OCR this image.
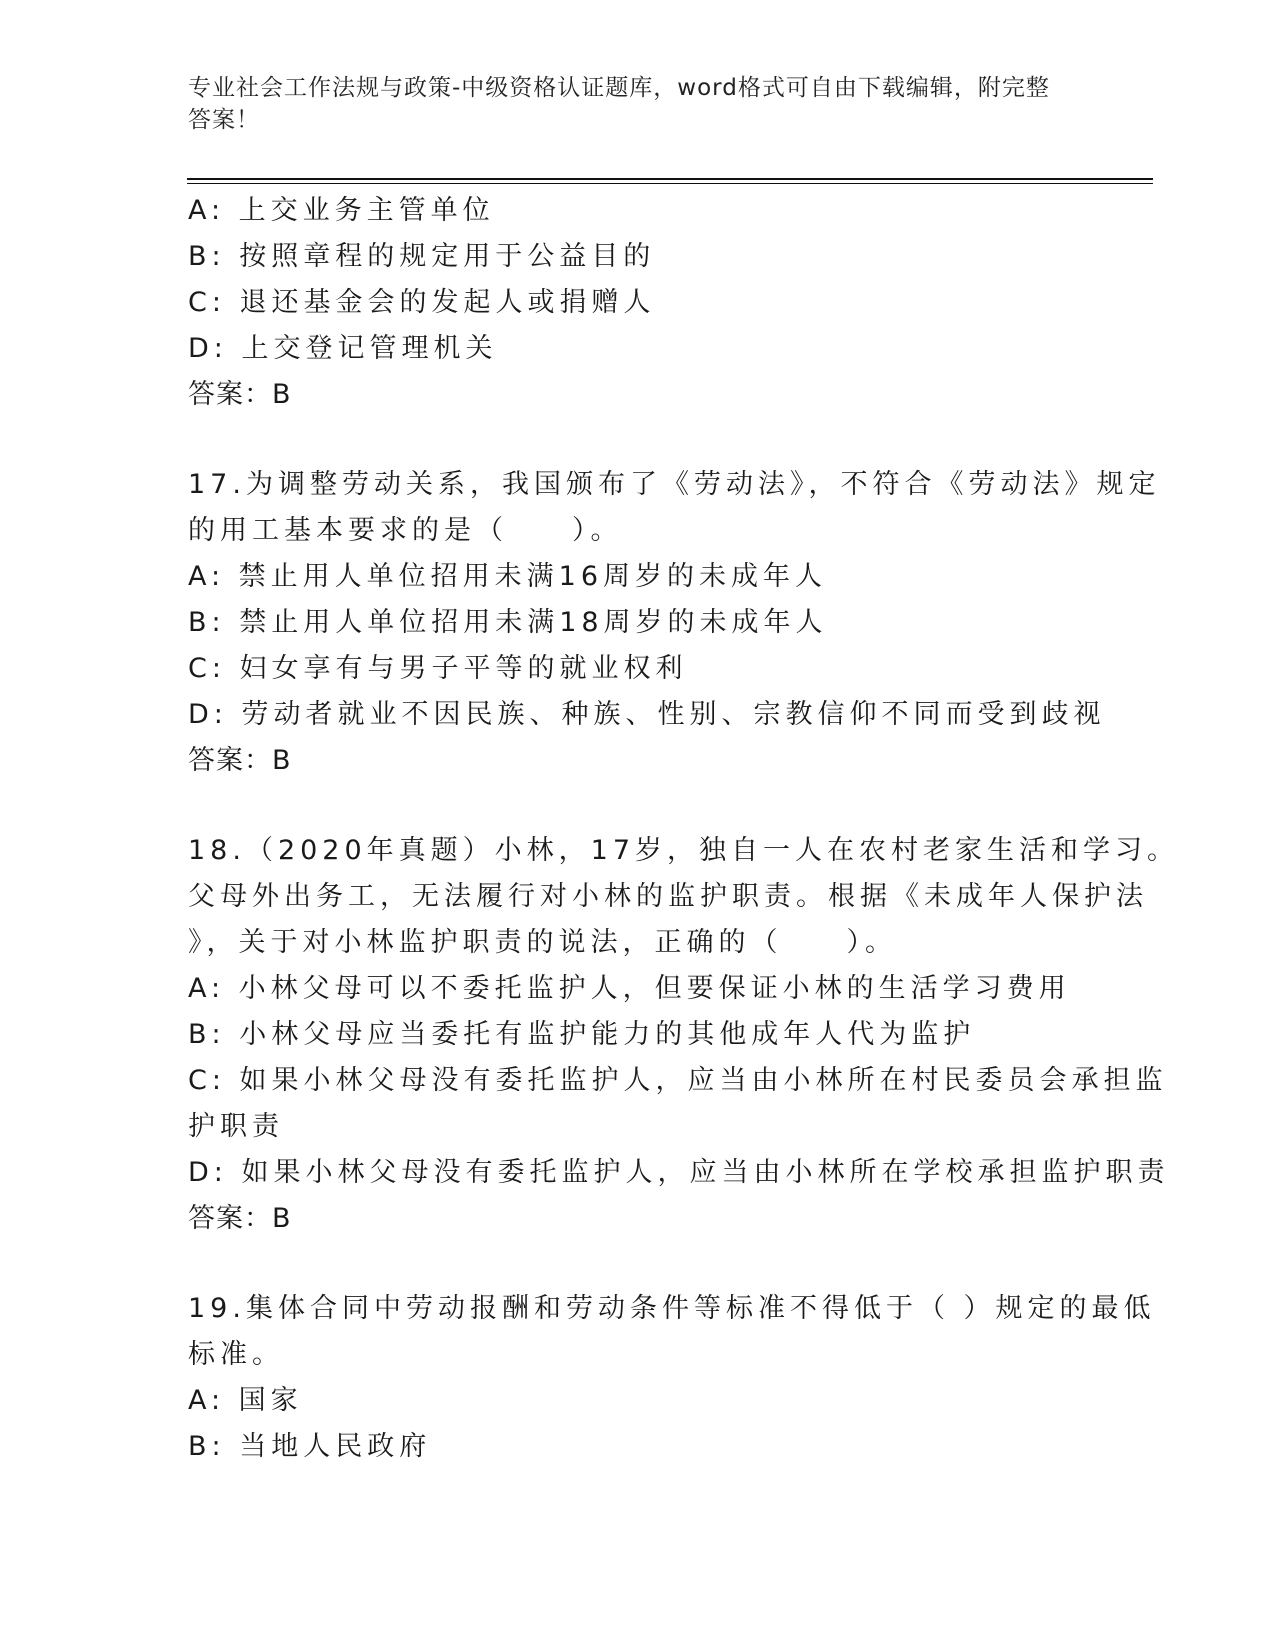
专业社会工作法规与政策-中级资格认证题库，word格式可自由下载编辑，附完整
答案！
A: 上交业务主管单位
B: 按照章程的规定用于公益目的
C: 退还基金会的发起人或捐赠人
D: 上交登记管理机关
答案：B
17.为调整劳动关系，我国颁布了《劳动法》，不符合《劳动法》规定
的用工基本要求的是（　　）。
A: 禁止用人单位招用未满16周岁的未成年人
B: 禁止用人单位招用未满18周岁的未成年人
C: 妇女享有与男子平等的就业权利
D: 劳动者就业不因民族、种族、性别、宗教信仰不同而受到歧视
答案：B
18.（2020年真题）小林，17岁，独自一人在农村老家生活和学习。
父母外出务工，无法履行对小林的监护职责。根据《未成年人保护法
》，关于对小林监护职责的说法，正确的（　　）。
A: 小林父母可以不委托监护人，但要保证小林的生活学习费用
B: 小林父母应当委托有监护能力的其他成年人代为监护
C: 如果小林父母没有委托监护人，应当由小林所在村民委员会承担监
护职责
D: 如果小林父母没有委托监护人，应当由小林所在学校承担监护职责
答案：B
19.集体合同中劳动报酬和劳动条件等标准不得低于（ ）规定的最低
标准。
A: 国家
B: 当地人民政府
